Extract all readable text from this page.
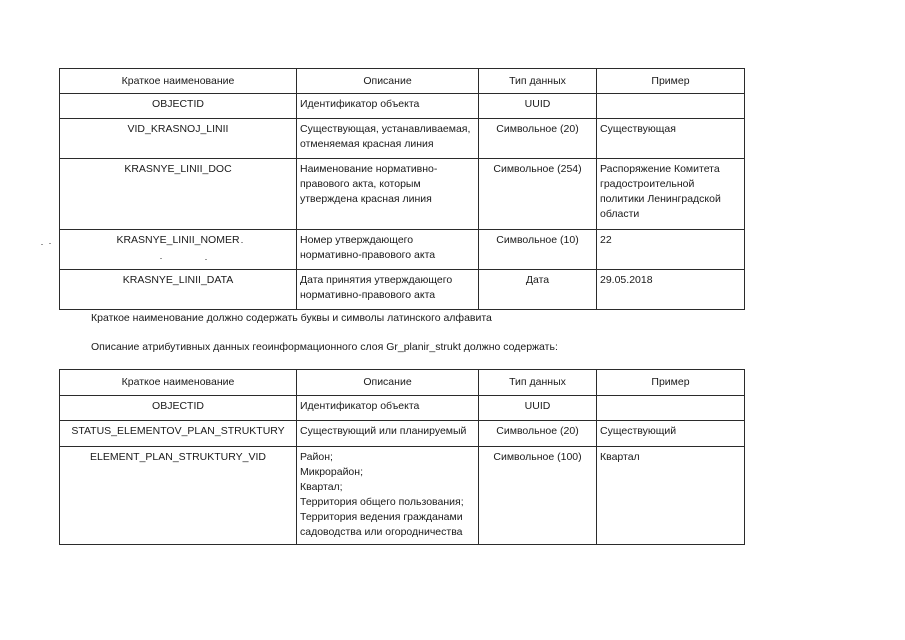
Краткое наименование	Описание	Тип данных	Пример
OBJECTID	Идентификатор объекта	UUID	
VID_KRASNOJ_LINII	Существующая, устанавливаемая, отменяемая красная линия	Символьное (20)	Существующая
KRASNYE_LINII_DOC	Наименование нормативно-правового акта, которым утверждена красная линия	Символьное (254)	Распоряжение Комитета градостроительной политики Ленинградской области
KRASNYE_LINII_NOMER	Номер утверждающего нормативно-правового акта	Символьное (10)	22
KRASNYE_LINII_DATA	Дата принятия утверждающего нормативно-правового акта	Дата	29.05.2018
Краткое наименование должно содержать буквы и символы латинского алфавита
Описание атрибутивных данных геоинформационного слоя Gr_planir_strukt должно содержать:
Краткое наименование	Описание	Тип данных	Пример
OBJECTID	Идентификатор объекта	UUID	
STATUS_ELEMENTOV_PLAN_STRUKTURY	Существующий или планируемый	Символьное (20)	Существующий
ELEMENT_PLAN_STRUKTURY_VID	Район;
Микрорайон;
Квартал;
Территория общего пользования;
Территория ведения гражданами садоводства или огородничества	Символьное (100)	Квартал
